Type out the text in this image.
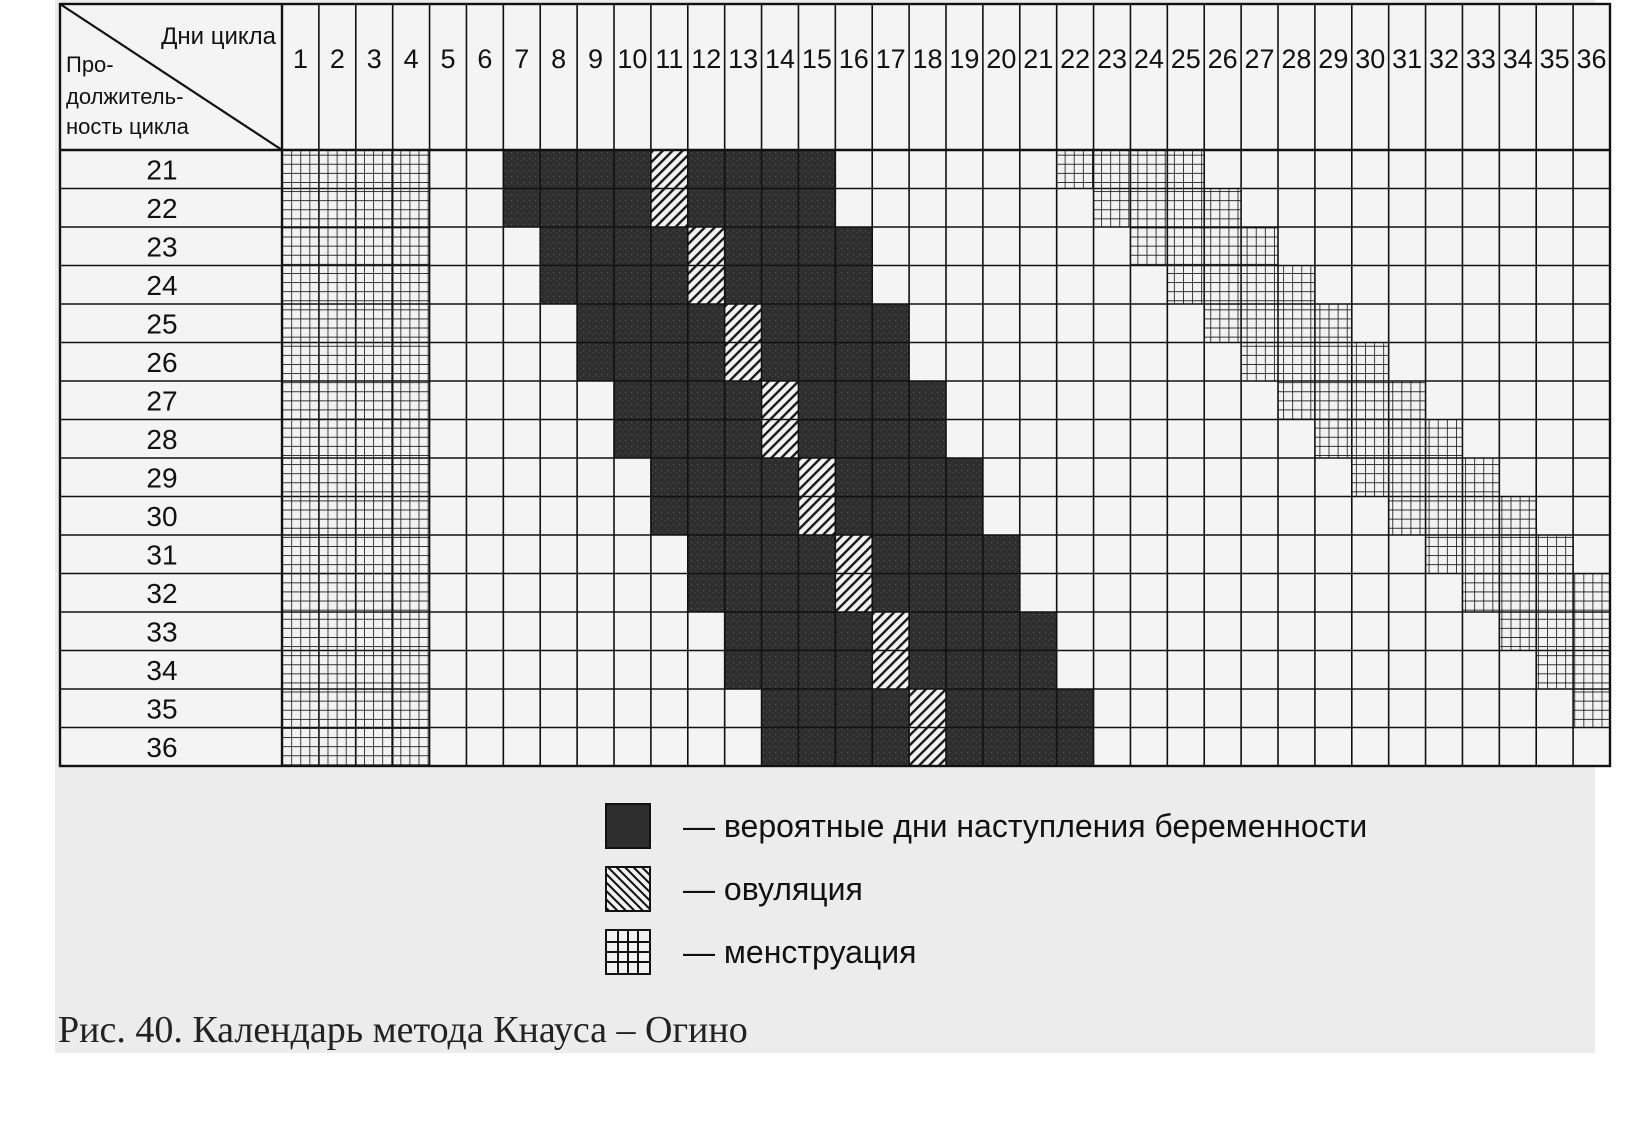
1 2 3 4 5 6 7 8 9 10 11 12 13 14 15 16 17 18 19 20 21 22 23 24 25 26 27 28 29 30 31 32 33 34 35 36
21
22
23
24
25
26
27
28
29
30
31
32
33
34
35
36
Дни цикла
Про-
должитель-
ность цикла
— вероятные дни наступления беременности
— овуляция
— менструация
Рис. 40. Календарь метода Кнауса – Огино
